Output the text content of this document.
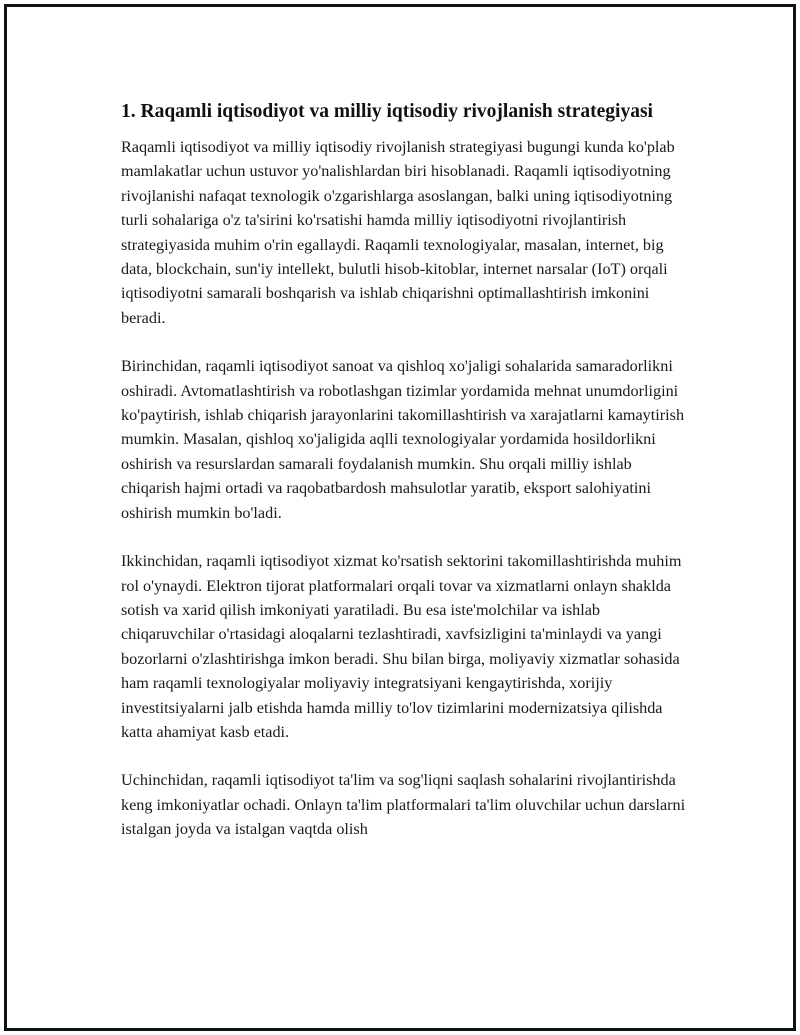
1. Raqamli iqtisodiyot va milliy iqtisodiy rivojlanish strategiyasi

Raqamli iqtisodiyot va milliy iqtisodiy rivojlanish strategiyasi bugungi kunda ko'plab mamlakatlar uchun ustuvor yo'nalishlardan biri hisoblanadi. Raqamli iqtisodiyotning rivojlanishi nafaqat texnologik o'zgarishlarga asoslangan, balki uning iqtisodiyotning turli sohalariga o'z ta'sirini ko'rsatishi hamda milliy iqtisodiyotni rivojlantirish strategiyasida muhim o'rin egallaydi. Raqamli texnologiyalar, masalan, internet, big data, blockchain, sun'iy intellekt, bulutli hisob-kitoblar, internet narsalar (IoT) orqali iqtisodiyotni samarali boshqarish va ishlab chiqarishni optimallashtirish imkonini beradi.

Birinchidan, raqamli iqtisodiyot sanoat va qishloq xo'jaligi sohalarida samaradorlikni oshiradi. Avtomatlashtirish va robotlashgan tizimlar yordamida mehnat unumdorligini ko'paytirish, ishlab chiqarish jarayonlarini takomillashtirish va xarajatlarni kamaytirish mumkin. Masalan, qishloq xo'jaligida aqlli texnologiyalar yordamida hosildorlikni oshirish va resurslardan samarali foydalanish mumkin. Shu orqali milliy ishlab chiqarish hajmi ortadi va raqobatbardosh mahsulotlar yaratib, eksport salohiyatini oshirish mumkin bo'ladi.

Ikkinchidan, raqamli iqtisodiyot xizmat ko'rsatish sektorini takomillashtirishda muhim rol o'ynaydi. Elektron tijorat platformalari orqali tovar va xizmatlarni onlayn shaklda sotish va xarid qilish imkoniyati yaratiladi. Bu esa iste'molchilar va ishlab chiqaruvchilar o'rtasidagi aloqalarni tezlashtiradi, xavfsizligini ta'minlaydi va yangi bozorlarni o'zlashtirishga imkon beradi. Shu bilan birga, moliyaviy xizmatlar sohasida ham raqamli texnologiyalar moliyaviy integratsiyani kengaytirishda, xorijiy investitsiyalarni jalb etishda hamda milliy to'lov tizimlarini modernizatsiya qilishda katta ahamiyat kasb etadi.

Uchinchidan, raqamli iqtisodiyot ta'lim va sog'liqni saqlash sohalarini rivojlantirishda keng imkoniyatlar ochadi. Onlayn ta'lim platformalari ta'lim oluvchilar uchun darslarni istalgan joyda va istalgan vaqtda olish
